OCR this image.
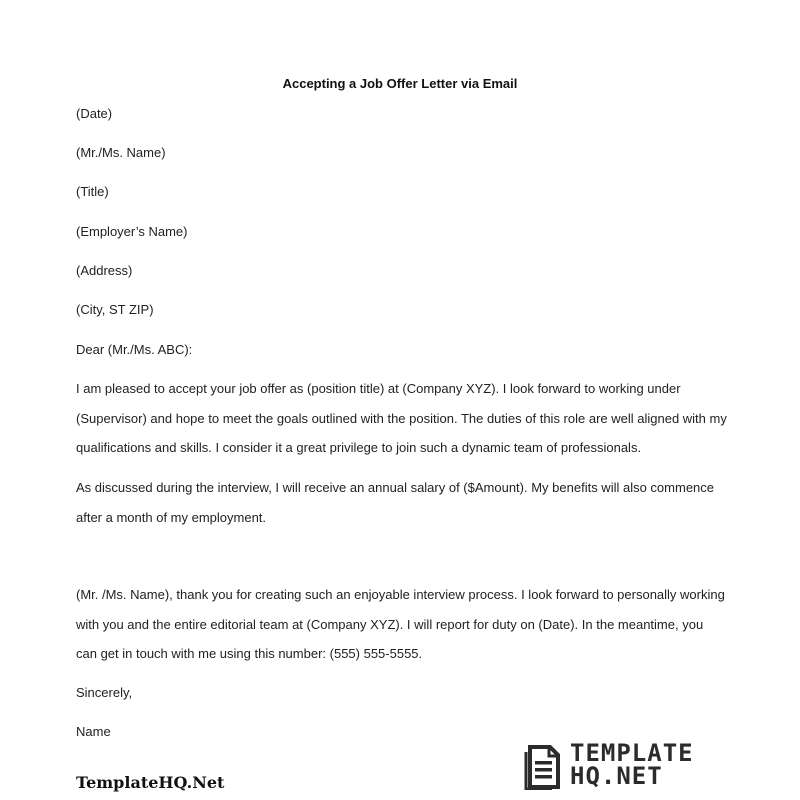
Accepting a Job Offer Letter via Email
(Date)
(Mr./Ms. Name)
(Title)
(Employer’s Name)
(Address)
(City, ST ZIP)
Dear (Mr./Ms. ABC):
I am pleased to accept your job offer as (position title) at (Company XYZ). I look forward to working under (Supervisor) and hope to meet the goals outlined with the position. The duties of this role are well aligned with my qualifications and skills. I consider it a great privilege to join such a dynamic team of professionals.
As discussed during the interview, I will receive an annual salary of ($Amount). My benefits will also commence after a month of my employment.
(Mr. /Ms. Name), thank you for creating such an enjoyable interview process. I look forward to personally working with you and the entire editorial team at (Company XYZ). I will report for duty on (Date). In the meantime, you can get in touch with me using this number: (555) 555-5555.
Sincerely,
Name
TemplateHQ.Net
TEMPLATE
HQ.NET
